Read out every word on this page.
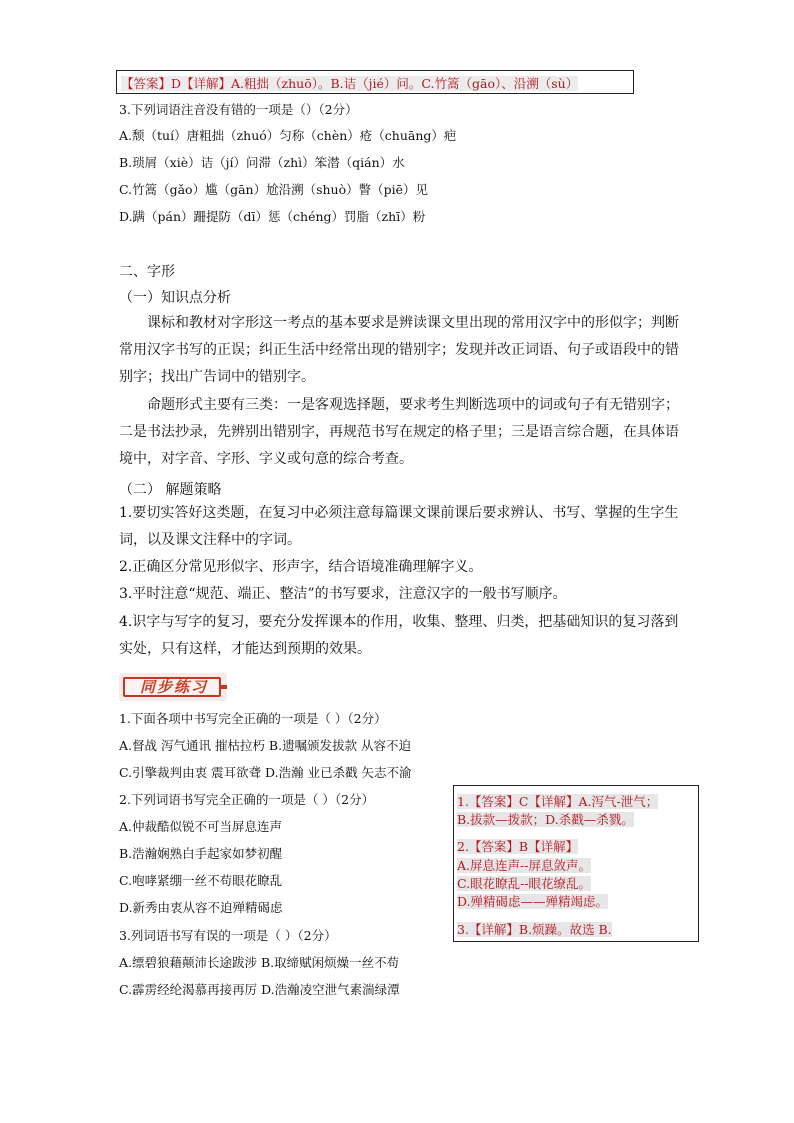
【答案】D【详解】A.粗拙（zhuō）。B.诘（jié）问。C.竹篙（gāo）、沿溯（sù）
3.下列词语注音没有错的一项是（）（2分）
A.颓（tuí）唐粗拙（zhuó）匀称（chèn）疮（chuāng）疤
B.琐屑（xiè）诘（jí）问滞（zhì）笨潜（qián）水
C.竹篙（gǎo）尴（gān）尬沿溯（shuò）瞥（piē）见
D.蹒（pán）跚提防（dī）惩（chéng）罚脂（zhī）粉
二、字形
（一）知识点分析
课标和教材对字形这一考点的基本要求是辨读课文里出现的常用汉字中的形似字；判断常用汉字书写的正误；纠正生活中经常出现的错别字；发现并改正词语、句子或语段中的错别字；找出广告词中的错别字。
命题形式主要有三类：一是客观选择题，要求考生判断选项中的词或句子有无错别字；二是书法抄录，先辨别出错别字，再规范书写在规定的格子里；三是语言综合题，在具体语境中，对字音、字形、字义或句意的综合考查。
（二） 解题策略
1.要切实答好这类题，在复习中必须注意每篇课文课前课后要求辨认、书写、掌握的生字生词，以及课文注释中的字词。
2.正确区分常见形似字、形声字，结合语境准确理解字义。
3.平时注意“规范、端正、整洁”的书写要求，注意汉字的一般书写顺序。
4.识字与写字的复习，要充分发挥课本的作用，收集、整理、归类，把基础知识的复习落到实处，只有这样，才能达到预期的效果。
同步练习
1.下面各项中书写完全正确的一项是（ ）（2分）
A.督战 泻气通讯 摧枯拉朽 B.遗嘱颁发拔款 从容不迫
C.引擎裁判由衷 震耳欲聋 D.浩瀚 业已杀戳 矢志不渝
2.下列词语书写完全正确的一项是（ ）（2分）
A.仲裁酷似锐不可当屏息连声
B.浩瀚娴熟白手起家如梦初醒
C.咆哮紧绷一丝不苟眼花瞭乱
D.新秀由衷从容不迫殚精碣虑
3.列词语书写有误的一项是（ ）（2分）
A.缥碧狼藉颠沛长途跋涉 B.取缔赋闲烦燥一丝不苟
C.霹雳经纶渴慕再接再厉 D.浩瀚凌空泄气素湍绿潭
1.【答案】C【详解】A.泻气-泄气；
B.拔款—拨款；D.杀戳—杀戮。
2.【答案】B【详解】
A.屏息连声--屏息敛声。
C.眼花瞭乱--眼花缭乱。
D.殚精碣虑——殚精竭虑。
3.【详解】B.烦躁。故选 B.
